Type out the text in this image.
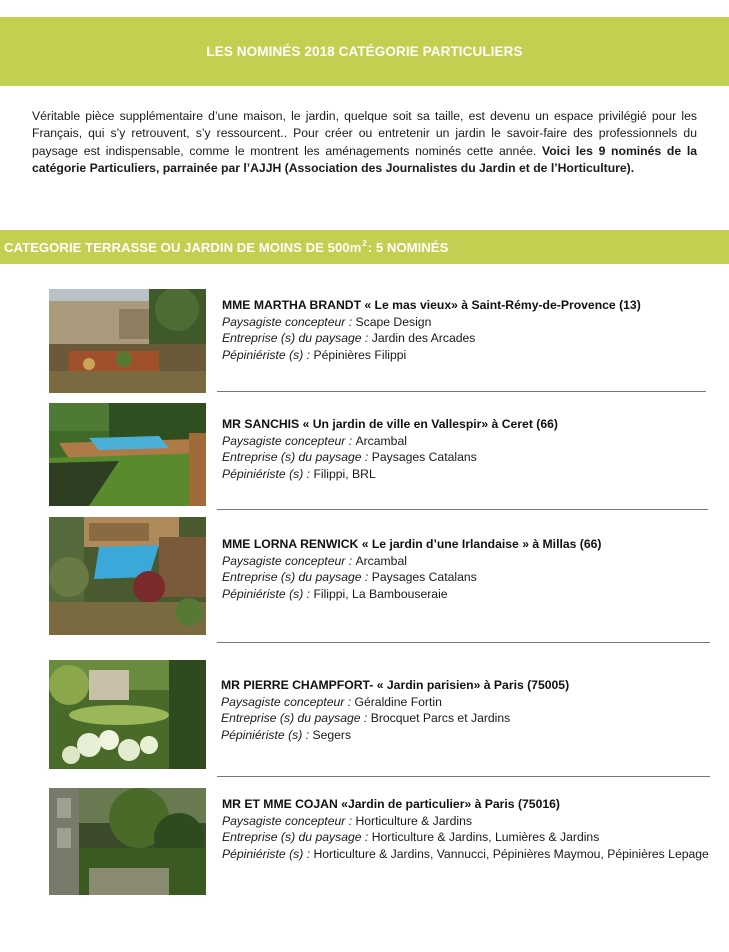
LES NOMINÉS 2018 CATÉGORIE PARTICULIERS
Véritable pièce supplémentaire d’une maison, le jardin, quelque soit sa taille, est devenu un espace privilégié pour les Français, qui s’y retrouvent, s’y ressourcent.. Pour créer ou entretenir un jardin le savoir-faire des professionnels du paysage est indispensable, comme le montrent les aménagements nominés cette année. Voici les 9 nominés de la catégorie Particuliers, parrainée par l’AJJH (Association des Journalistes du Jardin et de l’Horticulture).
CATEGORIE TERRASSE OU JARDIN DE MOINS DE $500m^2$ : 5 NOMINÉS
MME MARTHA BRANDT « Le mas vieux» à Saint-Rémy-de-Provence (13)
Paysagiste concepteur : Scape Design
Entreprise (s) du paysage : Jardin des Arcades
Pépiniériste (s) : Pépinières Filippi
MR SANCHIS « Un jardin de ville en Vallespir» à Ceret (66)
Paysagiste concepteur : Arcambal
Entreprise (s) du paysage : Paysages Catalans
Pépiniériste (s) : Filippi, BRL
MME LORNA RENWICK « Le jardin d’une Irlandaise » à Millas (66)
Paysagiste concepteur : Arcambal
Entreprise (s) du paysage : Paysages Catalans
Pépiniériste (s) : Filippi, La Bambouseraie
MR PIERRE CHAMPFORT- « Jardin parisien» à Paris (75005)
Paysagiste concepteur : Géraldine Fortin
Entreprise (s) du paysage : Brocquet Parcs et Jardins
Pépiniériste (s) : Segers
MR ET MME COJAN «Jardin de particulier» à Paris (75016)
Paysagiste concepteur : Horticulture & Jardins
Entreprise (s) du paysage : Horticulture & Jardins, Lumières & Jardins
Pépiniériste (s) : Horticulture & Jardins, Vannucci, Pépinières Maymou, Pépinières Lepage
